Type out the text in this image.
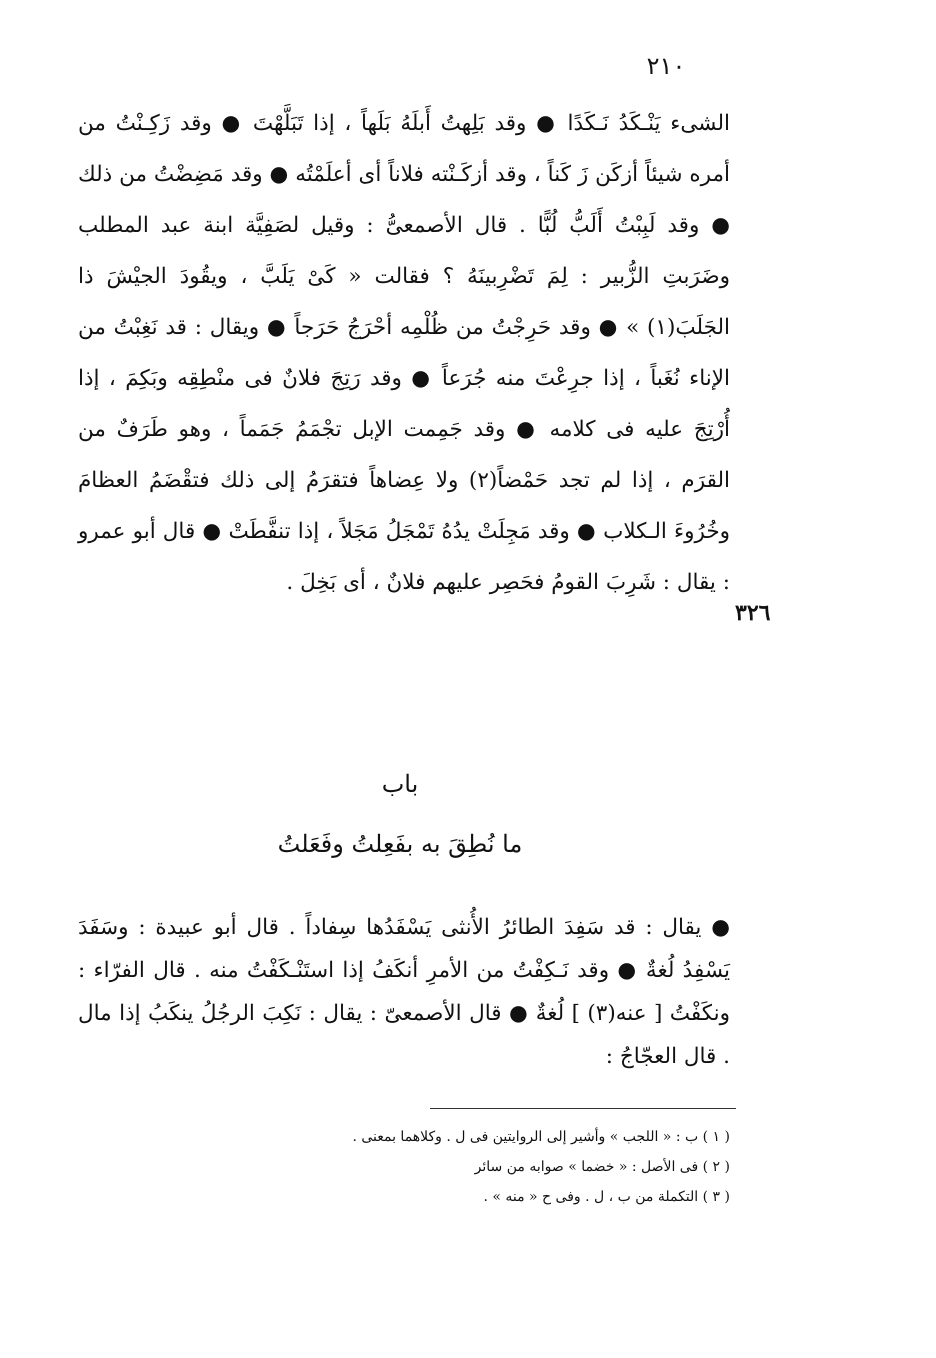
٢١٠

الشىء يَنْـكَدُ نَـكَدًا ● وقد بَلِهتُ أَبلَهُ بَلَهاً ، إذا تَبَلَّهْتَ ● وقد زَكِـنْتُ من أمره شيئاً أزكَن زَ كَناً ، وقد أزكَـنْته فلاناً أى أعلَمْتُه ● وقد مَضِضْتُ من ذلك ● وقد لَبِبْتُ أَلَبُّ لُبًّا . قال الأصمعىُّ : وقيل لصَفِيَّة ابنة عبد المطلب وضَرَبتِ الزُّبير : لِمَ تَضْرِبينَهُ ؟ فقالت « كَىْ يَلَبَّ ، ويقُودَ الجيْشَ ذا الجَلَبَ(١) » ● وقد حَرِجْتُ من ظُلْمِه أحْرَجُ حَرَجاً ● ويقال : قد نَغِبْتُ من الإناء نُغَباً ، إذا جرِعْتَ منه جُرَعاً ● وقد رَتِجَ فلانٌ فى منْطِقِه وبَكِمَ ، إذا أُرْتِجَ عليه فى كلامه ● وقد جَمِمت الإبل تجْمَمُ جَمَماً ، وهو طَرَفٌ من القرَم ، إذا لم تجد حَمْضاً(٢) ولا عِضاهاً فتقرَمُ إلى ذلك فتقْضَمُ العظامَ وخُرُوءَ الـكلاب ● وقد مَجِلَتْ يدُهُ تَمْجَلُ مَجَلاً ، إذا تنفَّطَتْ ● قال أبو عمرو : يقال : شَرِبَ القومُ فحَصِر عليهم فلانٌ ، أى بَخِلَ .

٣٢٦
باب
ما نُطِقَ به بفَعِلتُ وفَعَلتُ

● يقال : قد سَفِدَ الطائرُ الأُنثى يَسْفَدُها سِفاداً . قال أبو عبيدة : وسَفَدَ يَسْفِدُ لُغةٌ ● وقد نَـكِفْتُ من الأمرِ أنكَفُ إذا استَنْـكَفْتُ منه . قال الفرّاء : ونكَفْتُ [ عنه(٣) ] لُغةٌ ● قال الأصمعىّ : يقال : نَكِبَ الرجُلُ ينكَبُ إذا مال . قال العجّاجُ :

( ١ ) ب : « اللجب » وأشير إلى الروايتين فى ل . وكلاهما بمعنى .
( ٢ ) فى الأصل : « خضما » صوابه من سائر
( ٣ ) التكملة من ب ، ل . وفى ح « منه » .
